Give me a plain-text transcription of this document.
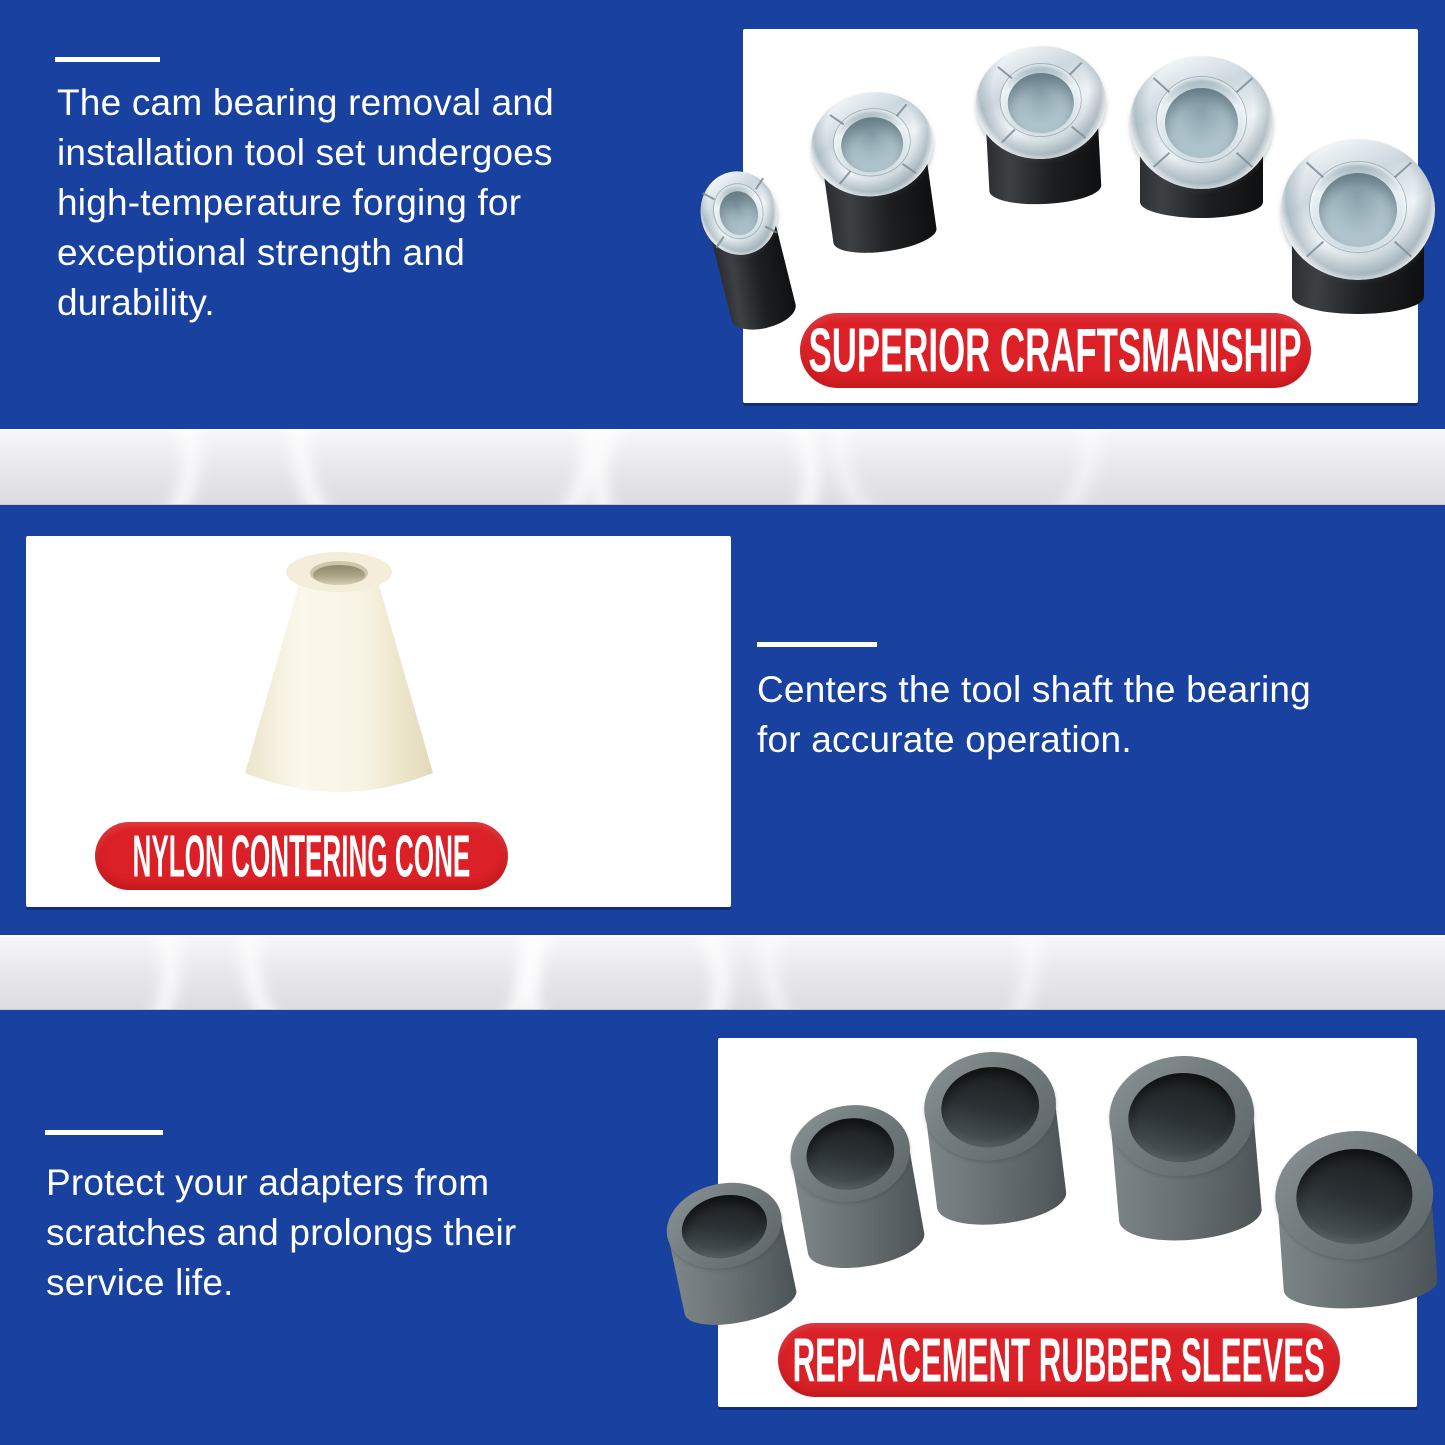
The cam bearing removal and
installation tool set undergoes
high-temperature forging for
exceptional strength and
durability.
SUPERIOR CRAFTSMANSHIP
NYLON CONTERING CONE
Centers the tool shaft the bearing
for accurate operation.
Protect your adapters from
scratches and prolongs their
service life.
REPLACEMENT RUBBER SLEEVES
